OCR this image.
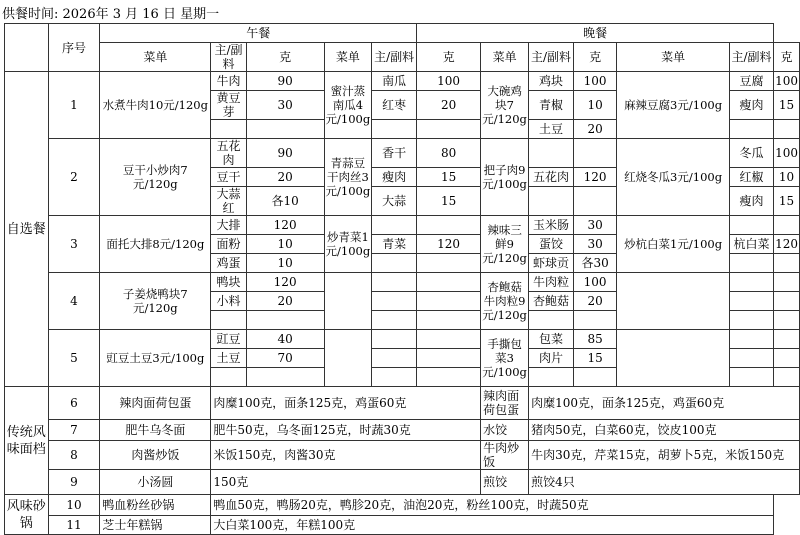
供餐时间: 2026年 3 月 16 日 星期一
	序号	午餐					晚餐						
		菜单	主/副料	克	菜单	主/副料	克	菜单	主/副料	克	菜单	主/副料	克
自选餐	1	水煮牛肉10元/120g	牛肉	90	蜜汁蒸南瓜4元/100g	南瓜	100	大碗鸡块7元/120g	鸡块	100	麻辣豆腐3元/100g	豆腐	100
			黄豆芽	30		红枣	20		青椒	10		瘦肉	15
									土豆	20			
	2	豆干小炒肉7元/120g	五花肉	90	青蒜豆干肉丝3元/100g	香干	80	把子肉9元/100g			红烧冬瓜3元/100g	冬瓜	100
			豆干	20		瘦肉	15		五花肉	120		红椒	10
			大蒜红	各10		大蒜	15					瘦肉	15
	3	面托大排8元/120g	大排	120	炒青菜1元/100g			辣味三鲜9元/120g	玉米肠	30	炒杭白菜1元/100g		
			面粉	10		青菜	120		蛋饺	30		杭白菜	120
			鸡蛋	10					虾球贡	各30			
	4	子姜烧鸭块7元/120g	鸭块	120				杏鲍菇牛肉粒9元/120g	牛肉粒	100			
			小料	20					杏鲍菇	20			

	5	豇豆土豆3元/100g	豇豆	40				手撕包菜3元/100g	包菜	85			
			土豆	70					肉片	15			

传统风味面档	6	辣肉面荷包蛋	肉糜100克，面条125克，鸡蛋60克					辣肉面荷包蛋	肉糜100克，面条125克，鸡蛋60克				
	7	肥牛乌冬面	肥牛50克，乌冬面125克，时蔬30克					水饺	猪肉50克，白菜60克，饺皮100克				
	8	肉酱炒饭	米饭150克，肉酱30克					牛肉炒饭	牛肉30克，芹菜15克，胡萝卜5克，米饭150克				
	9	小汤圆	150克					煎饺	煎饺4只				
风味砂锅	10	鸭血粉丝砂锅	鸭血50克，鸭肠20克，鸭胗20克，油泡20克，粉丝100克，时蔬50克										
	11	芝士年糕锅	大白菜100克，年糕100克										
